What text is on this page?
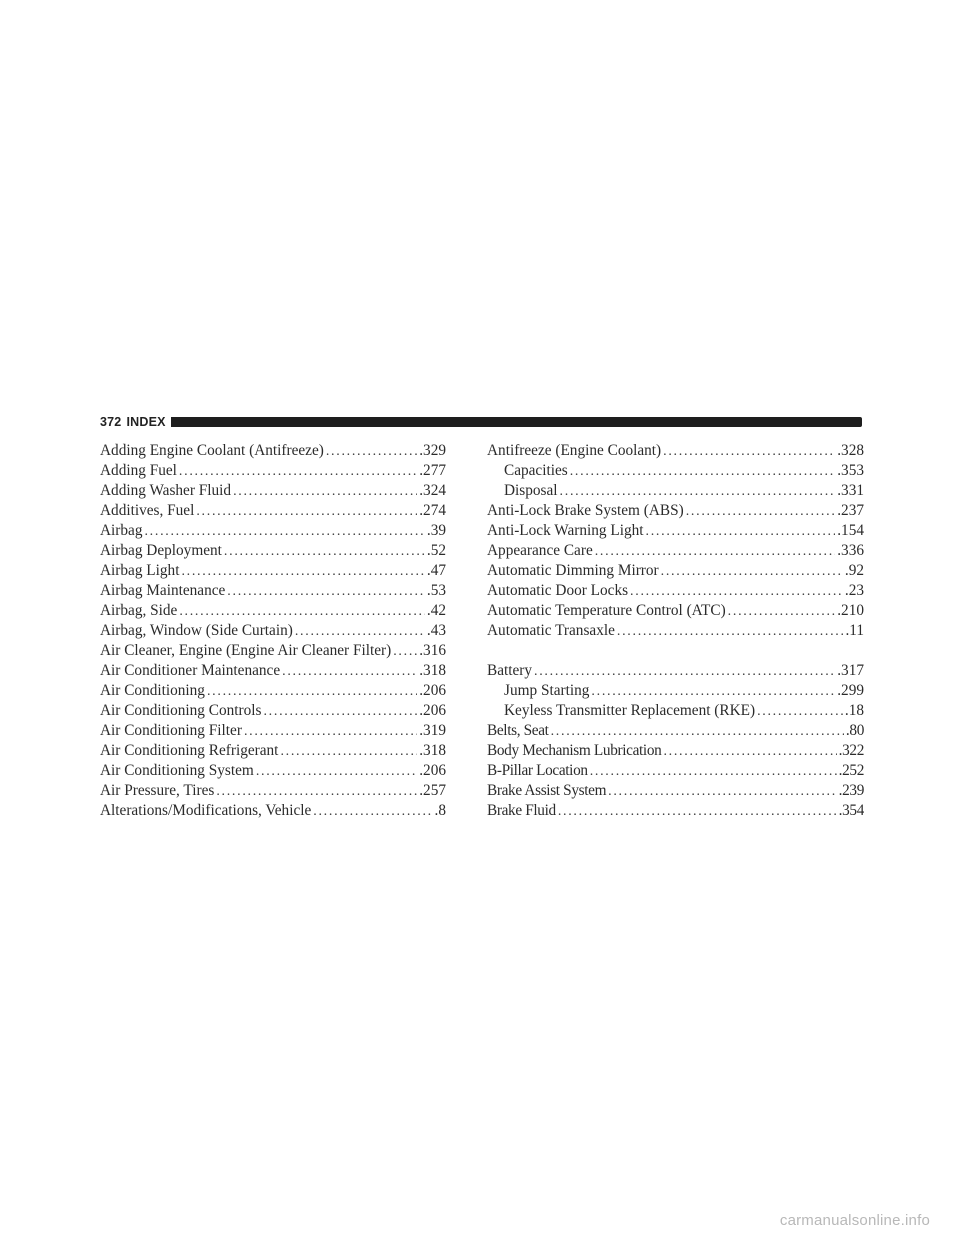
372 INDEX
Adding Engine Coolant (Antifreeze) . . .	.329
Adding Fuel . . .	.277
Adding Washer Fluid . . .	.324
Additives, Fuel . . .	.274
Airbag . . .	.39
Airbag Deployment . . .	.52
Airbag Light . . .	.47
Airbag Maintenance . . .	.53
Airbag, Side . . .	.42
Airbag, Window (Side Curtain) . . .	.43
Air Cleaner, Engine (Engine Air Cleaner Filter) . . . .316
Air Conditioner Maintenance . . .	.318
Air Conditioning . . .	.206
Air Conditioning Controls . . .	.206
Air Conditioning Filter . . .	.319
Air Conditioning Refrigerant . . .	.318
Air Conditioning System . . .	.206
Air Pressure, Tires . . .	.257
Alterations/Modifications, Vehicle . . .	.8
Antifreeze (Engine Coolant) . . .	.328
Capacities . . .	.353
Disposal . . .	.331
Anti-Lock Brake System (ABS) . . .	.237
Anti-Lock Warning Light . . .	.154
Appearance Care . . .	.336
Automatic Dimming Mirror . . .	.92
Automatic Door Locks . . .	.23
Automatic Temperature Control (ATC) . . .	.210
Automatic Transaxle . . .	.11
Battery . . .	.317
Jump Starting . . .	.299
Keyless Transmitter Replacement (RKE) . . .	.18
Belts, Seat . . .	.80
Body Mechanism Lubrication . . .	.322
B-Pillar Location . . .	.252
Brake Assist System . . .	.239
Brake Fluid . . .	.354
carmanualsonline.info
